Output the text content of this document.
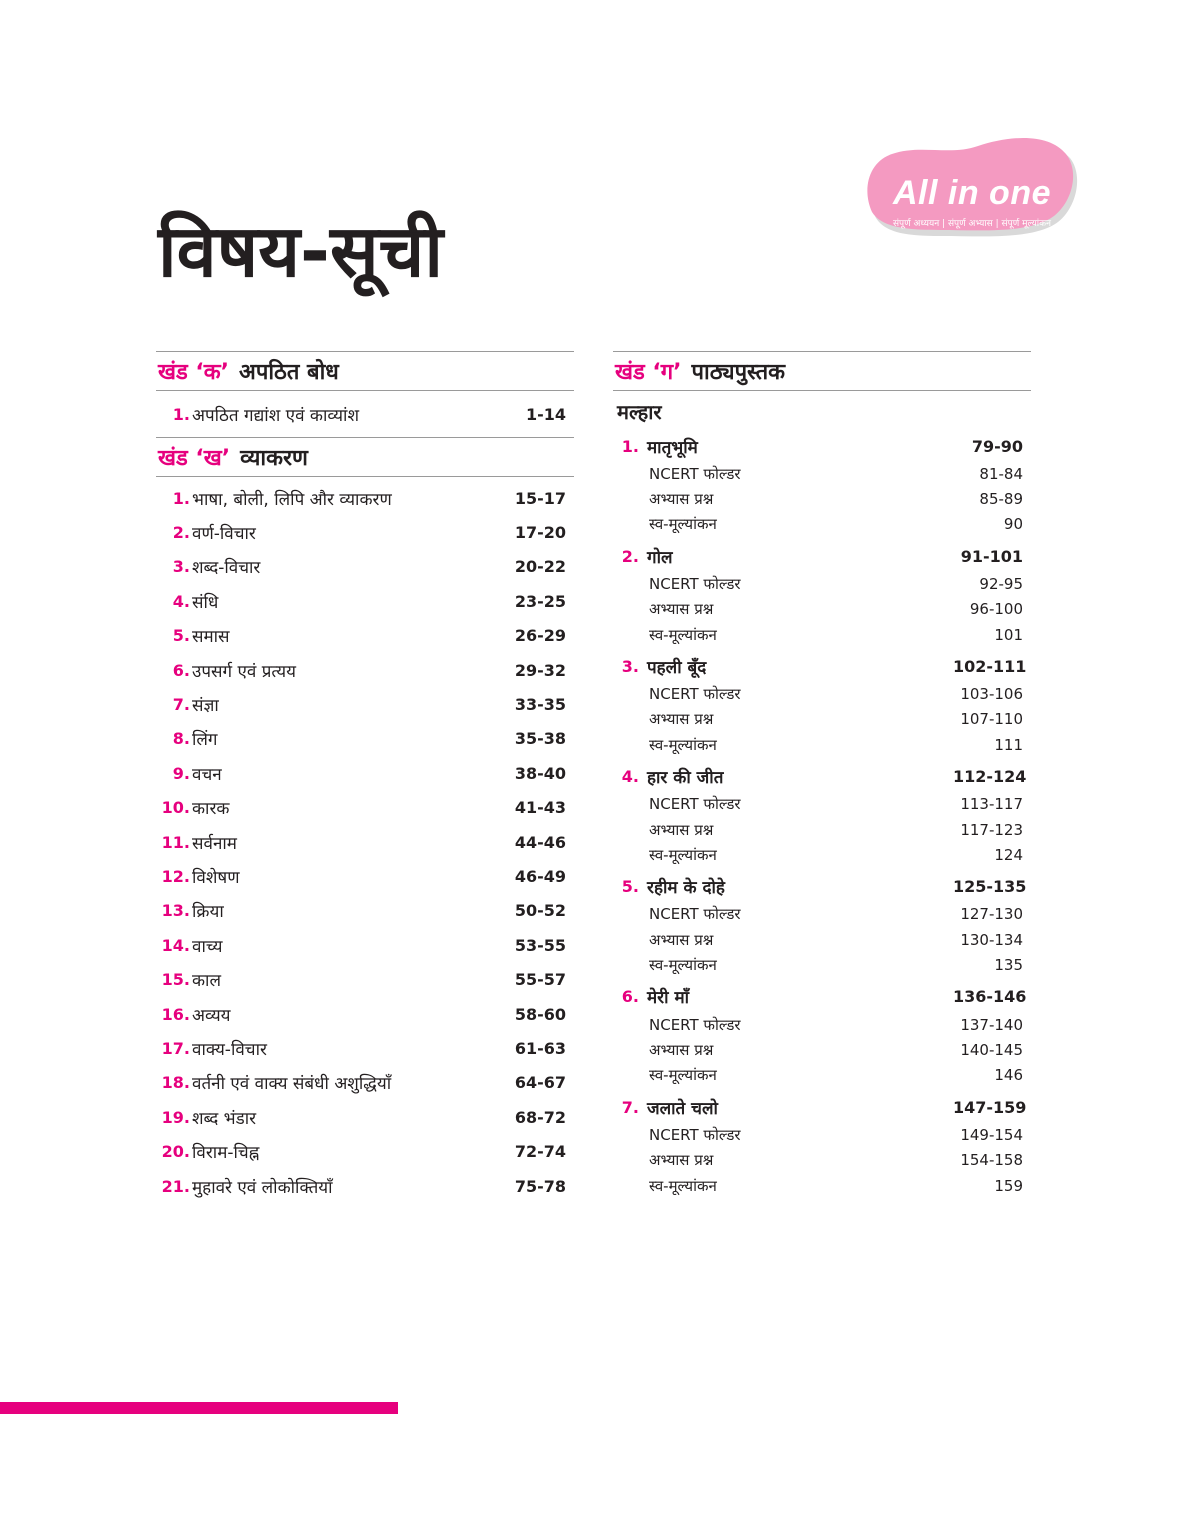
All in one
संपूर्ण अध्ययन | संपूर्ण अभ्यास | संपूर्ण मूल्यांकन
विषय-सूची
खंड ‘क’ अपठित बोध
1. अपठित गद्यांश एवं काव्यांश	1-14
खंड ‘ख’ व्याकरण
1. भाषा, बोली, लिपि और व्याकरण	15-17
2. वर्ण-विचार	17-20
3. शब्द-विचार	20-22
4. संधि	23-25
5. समास	26-29
6. उपसर्ग एवं प्रत्यय	29-32
7. संज्ञा	33-35
8. लिंग	35-38
9. वचन	38-40
10. कारक	41-43
11. सर्वनाम	44-46
12. विशेषण	46-49
13. क्रिया	50-52
14. वाच्य	53-55
15. काल	55-57
16. अव्यय	58-60
17. वाक्य-विचार	61-63
18. वर्तनी एवं वाक्य संबंधी अशुद्धियाँ	64-67
19. शब्द भंडार	68-72
20. विराम-चिह्न	72-74
21. मुहावरे एवं लोकोक्तियाँ	75-78
खंड ‘ग’ पाठ्यपुस्तक
मल्हार
1. मातृभूमि	79-90
NCERT फोल्डर	81-84
अभ्यास प्रश्न	85-89
स्व-मूल्यांकन	90
2. गोल	91-101
NCERT फोल्डर	92-95
अभ्यास प्रश्न	96-100
स्व-मूल्यांकन	101
3. पहली बूँद	102-111
NCERT फोल्डर	103-106
अभ्यास प्रश्न	107-110
स्व-मूल्यांकन	111
4. हार की जीत	112-124
NCERT फोल्डर	113-117
अभ्यास प्रश्न	117-123
स्व-मूल्यांकन	124
5. रहीम के दोहे	125-135
NCERT फोल्डर	127-130
अभ्यास प्रश्न	130-134
स्व-मूल्यांकन	135
6. मेरी माँ	136-146
NCERT फोल्डर	137-140
अभ्यास प्रश्न	140-145
स्व-मूल्यांकन	146
7. जलाते चलो	147-159
NCERT फोल्डर	149-154
अभ्यास प्रश्न	154-158
स्व-मूल्यांकन	159
